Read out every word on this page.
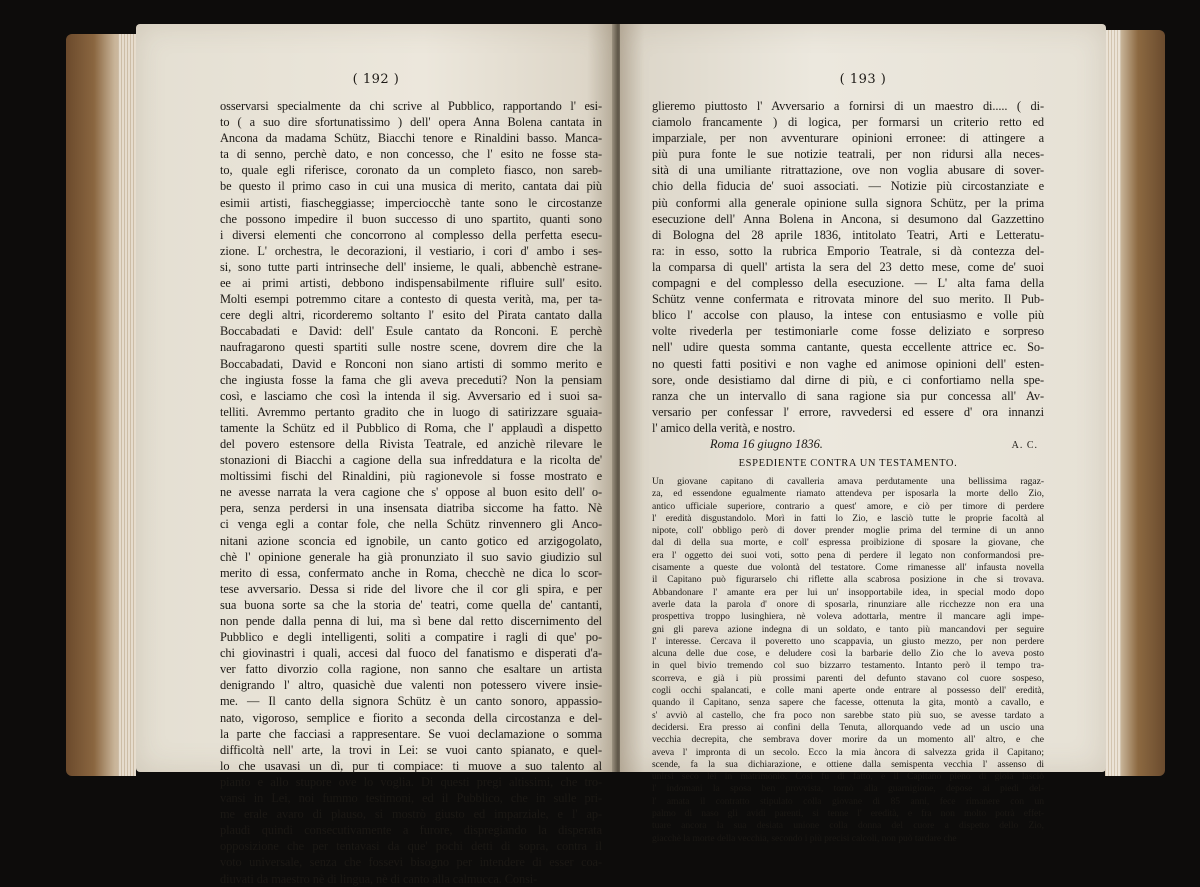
( 192 )
osservarsi specialmente da chi scrive al Pubblico, rapportando l' esi-
to ( a suo dire sfortunatissimo ) dell' opera Anna Bolena cantata in
Ancona da madama Schütz, Biacchi tenore e Rinaldini basso. Manca-
ta di senno, perchè dato, e non concesso, che l' esito ne fosse sta-
to, quale egli riferisce, coronato da un completo fiasco, non sareb-
be questo il primo caso in cui una musica di merito, cantata dai più
esimii artisti, fiaschеggiasse; imperciocchè tante sono le circostanze
che possono impedire il buon successo di uno spartito, quanti sono
i diversi elementi che concorrono al complesso della perfetta esecu-
zione. L' orchestra, le decorazioni, il vestiario, i cori d' ambo i ses-
si, sono tutte parti intrinseche dell' insieme, le quali, abbenchè estrane-
ee ai primi artisti, debbono indispensabilmente rifluire sull' esito.
Molti esempi potremmo citare a contesto di questa verità, ma, per ta-
cere degli altri, ricorderemo soltanto l' esito del Pirata cantato dalla
Boccabadati e David: dell' Esule cantato da Ronconi. E perchè
naufragarono questi spartiti sulle nostre scene, dovrem dire che la
Boccabadati, David e Ronconi non siano artisti di sommo merito e
che ingiusta fosse la fama che gli aveva preceduti? Non la pensiam
così, e lasciamo che così la intenda il sig. Avversario ed i suoi sa-
telliti. Avremmo pertanto gradito che in luogo di satirizzare sguaia-
tamente la Schütz ed il Pubblico di Roma, che l' applaudì a dispetto
del povero estensore della Rivista Teatrale, ed anzichè rilevare le
stonazioni di Biacchi a cagione della sua infreddatura e la ricolta de'
moltissimi fischi del Rinaldini, più ragionevole si fosse mostrato e
ne avesse narrata la vera cagione che s' oppose al buon esito dell' o-
pera, senza perdersi in una insensata diatriba siccome ha fatto. Nè
ci venga egli a contar fole, che nella Schütz rinvennero gli Anco-
nitani azione sconcia ed ignobile, un canto gotico ed arzigogolato,
chè l' opinione generale ha già pronunziato il suo savio giudizio sul
merito di essa, confermato anche in Roma, checchè ne dica lo scor-
tese avversario. Dessa si ride del livore che il cor gli spira, e per
sua buona sorte sa che la storia de' teatri, come quella de' cantanti,
non pende dalla penna di lui, ma sì bene dal retto discernimento del
Pubblico e degli intelligenti, soliti a compatire i ragli di que' po-
chi giovinastri i quali, accesi dal fuoco del fanatismo e disperati d'a-
ver fatto divorzio colla ragione, non sanno che esaltare un artista
denigrando l' altro, quasichè due valenti non potessero vivere insie-
me. — Il canto della signora Schütz è un canto sonoro, appassio-
nato, vigoroso, semplice e fiorito a seconda della circostanza e del-
la parte che facciasi a rappresentare. Se vuoi declamazione o somma
difficoltà nell' arte, la trovi in Lei: se vuoi canto spianato, e quel-
lo che usavasi un dì, pur ti compiace: ti muove a suo talento al
pianto e allo stupore ove lo voglia. Di questi pregi altissimi, che tro-
vansi in Lei, noi fummo testimoni, ed il Pubblico, che in sulle pri-
me erale avaro di plauso, si mostrò giusto ed imparziale, e l' ap-
plaudì quindi consecutivamente a furore, dispregiando la disperata
opposizione che per tentavasi da que' pochi detti di sopra, contra il
voto universale, senza che fossevi bisogno per intendere di esser coa-
diuvati da maestro nè di lingua, nè di canto alla calmucca. Consi-
( 193 )
glieremo piuttosto l' Avversario a fornirsi di un maestro di..... ( di-
ciamolo francamente ) di logica, per formarsi un criterio retto ed
imparziale, per non avventurare opinioni erronee: di attingere a
più pura fonte le sue notizie teatrali, per non ridursi alla neces-
sità di una umiliante ritrattazione, ove non voglia abusare di sover-
chio della fiducia de' suoi associati. — Notizie più circostanziate e
più conformi alla generale opinione sulla signora Schütz, per la prima
esecuzione dell' Anna Bolena in Ancona, si desumono dal Gazzettino
di Bologna del 28 aprile 1836, intitolato Teatri, Arti e Letteratu-
ra: in esso, sotto la rubrica Emporio Teatrale, si dà contezza del-
la comparsa di quell' artista la sera del 23 detto mese, come de' suoi
compagni e del complesso della esecuzione. — L' alta fama della
Schütz venne confermata e ritrovata minore del suo merito. Il Pub-
blico l' accolse con plauso, la intese con entusiasmo e volle più
volte rivederla per testimoniarle come fosse deliziato e sorpreso
nell' udire questa somma cantante, questa eccellente attrice ec. So-
no questi fatti positivi e non vaghe ed animose opinioni dell' esten-
sore, onde desistiamo dal dirne di più, e ci confortiamo nella spe-
ranza che un intervallo di sana ragione sia pur concessa all' Av-
versario per confessar l' errore, ravvedersi ed essere d' ora innanzi
l' amico della verità, e nostro.
Roma 16 giugno 1836.	A. C.
ESPEDIENTE CONTRA UN TESTAMENTO.
Un giovane capitano di cavalleria amava perdutamente una bellissima ragaz-
za, ed essendone egualmente riamato attendeva per isposarla la morte dello Zio,
antico ufficiale superiore, contrario a quest' amore, e ciò per timore di perdere
l' eredità disgustandolo. Morì in fatti lo Zio, e lasciò tutte le proprie facoltà al
nipote, coll' obbligo però di dover prender moglie prima del termine di un anno
dal dì della sua morte, e coll' espressa proibizione di sposare la giovane, che
era l' oggetto dei suoi voti, sotto pena di perdere il legato non conformandosi pre-
cisamente a queste due volontà del testatore. Come rimanesse all' infausta novella
il Capitano può figurarselo chi riflette alla scabrosa posizione in che si trovava.
Abbandonare l' amante era per lui un' insopportabile idea, in special modo dopo
averle data la parola d' onore di sposarla, rinunziare alle ricchezze non era una
prospettiva troppo lusinghiera, nè voleva adottarla, mentre il mancare agli impe-
gni gli pareva azione indegna di un soldato, e tanto più mancandovi per seguire
l' interesse. Cercava il poveretto uno scappavia, un giusto mezzo, per non perdere
alcuna delle due cose, e deludere così la barbarie dello Zio che lo aveva posto
in quel bivio tremendo col suo bizzarro testamento. Intanto però il tempo tra-
scorreva, e già i più prossimi parenti del defunto stavano col cuore sospeso,
cogli occhi spalancati, e colle mani aperte onde entrare al possesso dell' eredità,
quando il Capitano, senza sapere che facesse, ottenuta la gita, montò a cavallo, e
s' avviò al castello, che fra poco non sarebbe stato più suo, se avesse tardato a
decidersi. Era presso ai confini della Tenuta, allorquando vede ad un uscio una
vecchia decrepita, che sembrava dover morire da un momento all' altro, e che
aveva l' impronta di un secolo. Ecco la mia àncora di salvezza grida il Capitano;
scende, fa la sua dichiarazione, e ottiene dalla semispenta vecchia l' assenso di
unirsi seco lei in matrimonio. Così fu di fatto, e il Capitano pieno di gioia lasciò
l' indomani la sposa ben provvista, tornò alla guarnigione, depose ai piedi del-
l' amata il contratto stipulato colla giovane di 85 anni, fece rimanere con un
palmo di naso gli avidi parenti, si tenne l' eredità, e fra non molto potrà effet-
tuare ancora la sua desiata unione colla donna del cuore a dispetto dello Zio,
giacchè la morte della vecchia, secondo i più precisi calcoli, non può tardare che
